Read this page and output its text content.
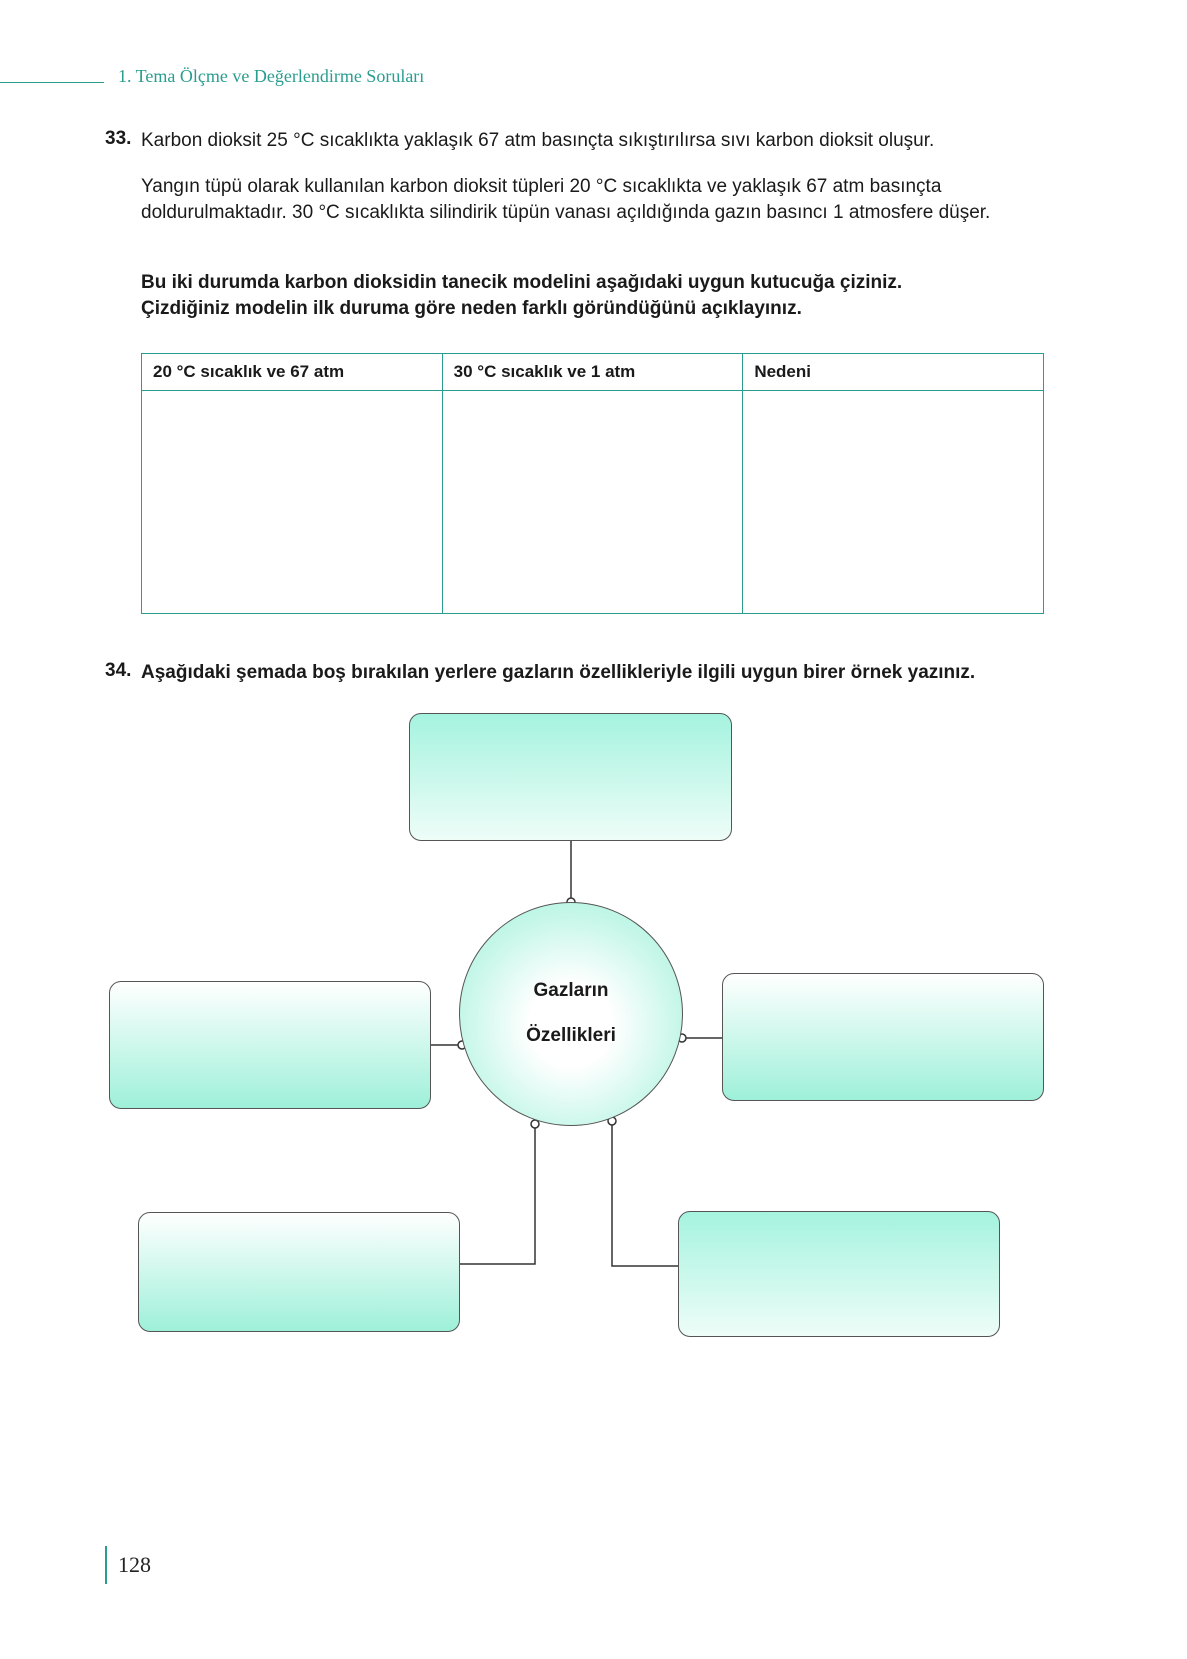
1. Tema Ölçme ve Değerlendirme Soruları
33. Karbon dioksit 25 °C sıcaklıkta yaklaşık 67 atm basınçta sıkıştırılırsa sıvı karbon dioksit oluşur.
Yangın tüpü olarak kullanılan karbon dioksit tüpleri 20 °C sıcaklıkta ve yaklaşık 67 atm basınçta doldurulmaktadır. 30 °C sıcaklıkta silindirik tüpün vanası açıldığında gazın basıncı 1 atmosfere düşer.
Bu iki durumda karbon dioksidin tanecik modelini aşağıdaki uygun kutucuğa çiziniz.
Çizdiğiniz modelin ilk duruma göre neden farklı göründüğünü açıklayınız.
20 °C sıcaklık ve 67 atm	30 °C sıcaklık ve 1 atm	Nedeni

34. Aşağıdaki şemada boş bırakılan yerlere gazların özellikleriyle ilgili uygun birer örnek yazınız.
Gazların
Özellikleri
128
